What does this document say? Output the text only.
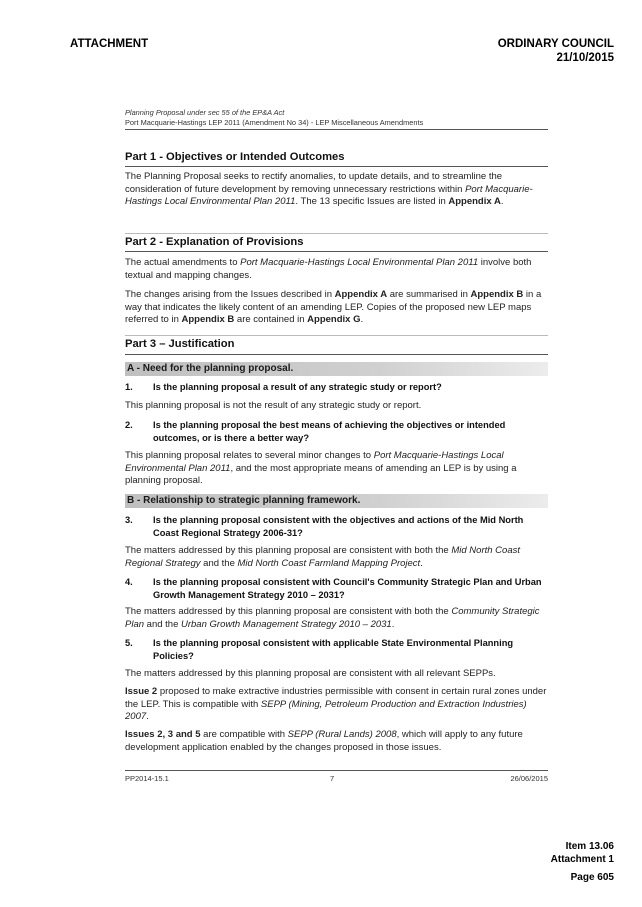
ATTACHMENT	ORDINARY COUNCIL
21/10/2015
Planning Proposal under sec 55 of the EP&A Act
Port Macquarie-Hastings LEP 2011 (Amendment No 34) - LEP Miscellaneous Amendments
Part 1 - Objectives or Intended Outcomes
The Planning Proposal seeks to rectify anomalies, to update details, and to streamline the consideration of future development by removing unnecessary restrictions within Port Macquarie-Hastings Local Environmental Plan 2011. The 13 specific Issues are listed in Appendix A.
Part 2 - Explanation of Provisions
The actual amendments to Port Macquarie-Hastings Local Environmental Plan 2011 involve both textual and mapping changes.
The changes arising from the Issues described in Appendix A are summarised in Appendix B in a way that indicates the likely content of an amending LEP. Copies of the proposed new LEP maps referred to in Appendix B are contained in Appendix G.
Part 3 – Justification
A - Need for the planning proposal.
1. Is the planning proposal a result of any strategic study or report?
This planning proposal is not the result of any strategic study or report.
2. Is the planning proposal the best means of achieving the objectives or intended outcomes, or is there a better way?
This planning proposal relates to several minor changes to Port Macquarie-Hastings Local Environmental Plan 2011, and the most appropriate means of amending an LEP is by using a planning proposal.
B - Relationship to strategic planning framework.
3. Is the planning proposal consistent with the objectives and actions of the Mid North Coast Regional Strategy 2006-31?
The matters addressed by this planning proposal are consistent with both the Mid North Coast Regional Strategy and the Mid North Coast Farmland Mapping Project.
4. Is the planning proposal consistent with Council's Community Strategic Plan and Urban Growth Management Strategy 2010 – 2031?
The matters addressed by this planning proposal are consistent with both the Community Strategic Plan and the Urban Growth Management Strategy 2010 – 2031.
5. Is the planning proposal consistent with applicable State Environmental Planning Policies?
The matters addressed by this planning proposal are consistent with all relevant SEPPs.
Issue 2 proposed to make extractive industries permissible with consent in certain rural zones under the LEP. This is compatible with SEPP (Mining, Petroleum Production and Extraction Industries) 2007.
Issues 2, 3 and 5 are compatible with SEPP (Rural Lands) 2008, which will apply to any future development application enabled by the changes proposed in those issues.
PP2014-15.1	7	26/06/2015
Item 13.06
Attachment 1
Page 605
